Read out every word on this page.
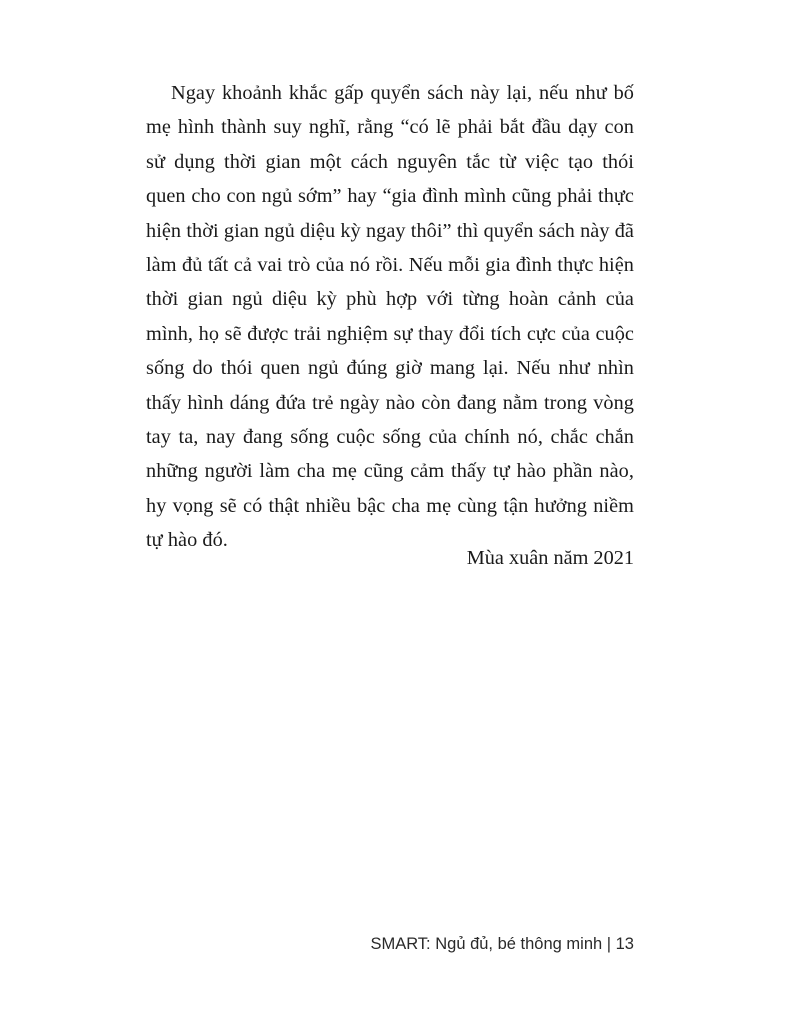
Ngay khoảnh khắc gấp quyển sách này lại, nếu như bố mẹ hình thành suy nghĩ, rằng “có lẽ phải bắt đầu dạy con sử dụng thời gian một cách nguyên tắc từ việc tạo thói quen cho con ngủ sớm” hay “gia đình mình cũng phải thực hiện thời gian ngủ diệu kỳ ngay thôi” thì quyển sách này đã làm đủ tất cả vai trò của nó rồi. Nếu mỗi gia đình thực hiện thời gian ngủ diệu kỳ phù hợp với từng hoàn cảnh của mình, họ sẽ được trải nghiệm sự thay đổi tích cực của cuộc sống do thói quen ngủ đúng giờ mang lại. Nếu như nhìn thấy hình dáng đứa trẻ ngày nào còn đang nằm trong vòng tay ta, nay đang sống cuộc sống của chính nó, chắc chắn những người làm cha mẹ cũng cảm thấy tự hào phần nào, hy vọng sẽ có thật nhiều bậc cha mẹ cùng tận hưởng niềm tự hào đó.

Mùa xuân năm 2021

SMART: Ngủ đủ, bé thông minh | 13
